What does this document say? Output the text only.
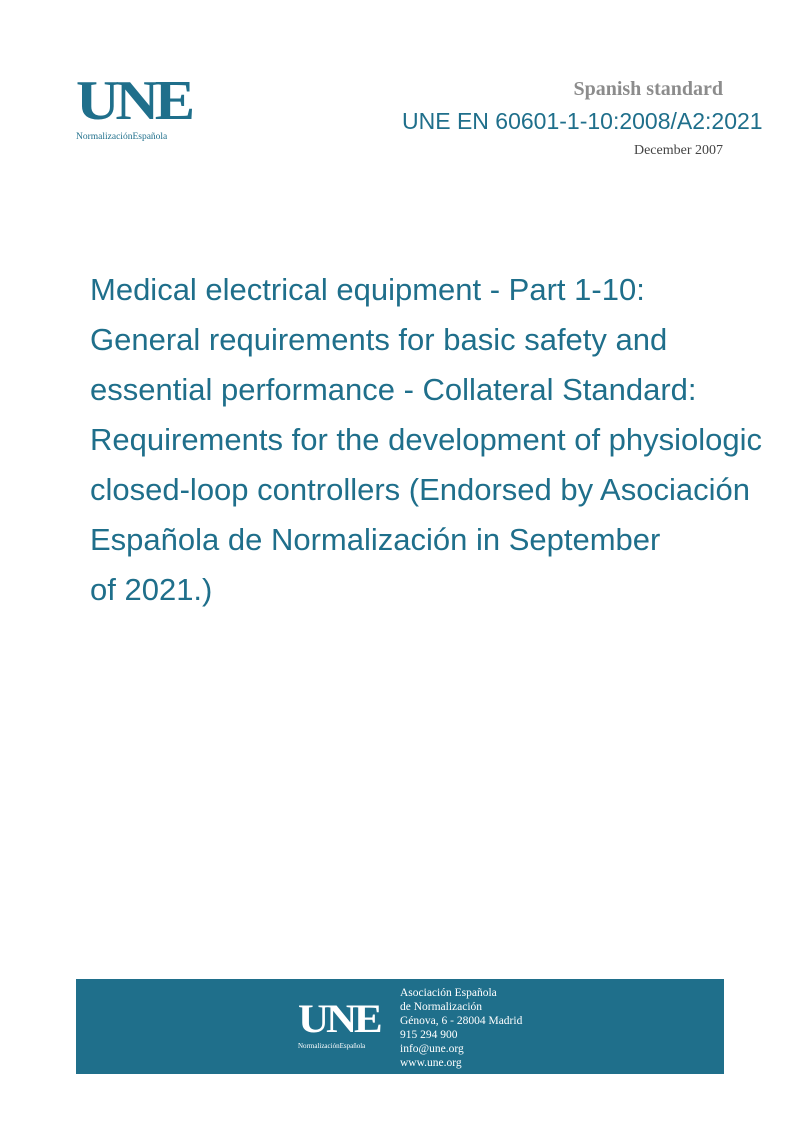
UNE
NormalizaciónEspañola
Spanish standard
UNE EN 60601-1-10:2008/A2:2021
December 2007
Medical electrical equipment - Part 1-10:
General requirements for basic safety and
essential performance - Collateral Standard:
Requirements for the development of physiologic
closed-loop controllers (Endorsed by Asociación
Española de Normalización in September
of 2021.)
UNE
NormalizaciónEspañola
Asociación Española
de Normalización
Génova, 6 - 28004 Madrid
915 294 900
info@une.org
www.une.org
